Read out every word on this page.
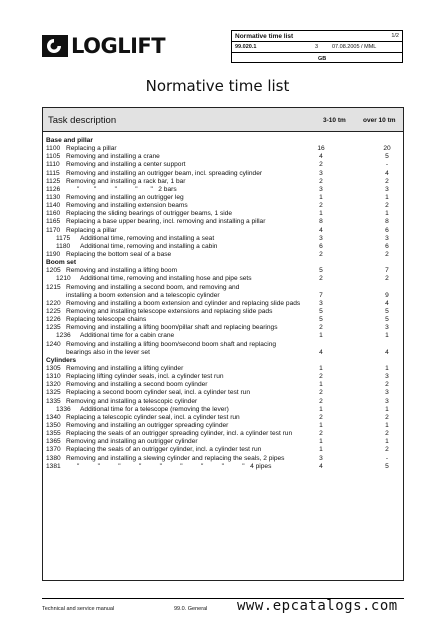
LOGLIFT	Normative time list	1/2
99.020.1	3	07.08.2005 / MML
GB
Normative time list
Task description	3-10 tm	over 10 tm
Base and pillar
1100 Replacing a pillar	16	20
1105 Removing and installing a crane	4	5
1110 Removing and installing a center support	2	-
1115 Removing and installing an outrigger beam, incl. spreading cylinder	3	4
1125 Removing and installing a rack bar, 1 bar	2	2
1126 "        "          "          "       "   2 bars	3	3
1130 Removing and installing an outrigger leg	1	1
1140 Removing and installing extension beams	2	2
1160 Replacing the sliding bearings of outrigger beams, 1 side	1	1
1165 Replacing a base upper bearing, incl. removing and installing a pillar	8	8
1170 Replacing a pillar	4	6
1175	Additional time, removing and installing a seat	3	3
1180	Additional time, removing and installing a cabin	6	6
1190 Replacing the bottom seal of a base	2	2
Boom set
1205 Removing and installing a lifting boom	5	7
1210	Additional time, removing and installing hose and pipe sets	2	2
1215 Removing and installing a second boom, and removing and
installing a boom extension and a telescopic cylinder	7	9
1220 Removing and installing a boom extension and cylinder and replacing slide pads	3	4
1225 Removing and installing telescope extensions and replacing slide pads	5	5
1226 Replacing telescope chains	5	5
1235 Removing and installing a lifting boom/pillar shaft and replacing bearings	2	3
1236	Additional time for a cabin crane	1	1
1240 Removing and installing a lifting boom/second boom shaft and replacing
bearings also in the lever set	4	4
Cylinders
1305 Removing and installing a lifting cylinder	1	1
1310 Replacing lifting cylinder seals, incl. a cylinder test run	2	3
1320 Removing and installing a second boom cylinder	1	2
1325 Replacing a second boom cylinder seal, incl. a cylinder test run	2	3
1335 Removing and installing a telescopic cylinder	2	3
1336	Additional time for a telescope (removing the lever)	1	1
1340 Replacing a telescopic cylinder seal, incl. a cylinder test run	2	2
1350 Removing and installing an outrigger spreading cylinder	1	1
1355 Replacing the seals of an outrigger spreading cylinder, incl. a cylinder test run	2	2
1365 Removing and installing an outrigger cylinder	1	1
1370 Replacing the seals of an outrigger cylinder, incl. a cylinder test run	1	2
1380 Removing and installing a slewing cylinder and replacing the seals, 2 pipes	3	-
1381 "          "          "          "          "          "          "          "          "   4 pipes	4	5
Technical and service manual	99.0. General www.epcatalogs.com
